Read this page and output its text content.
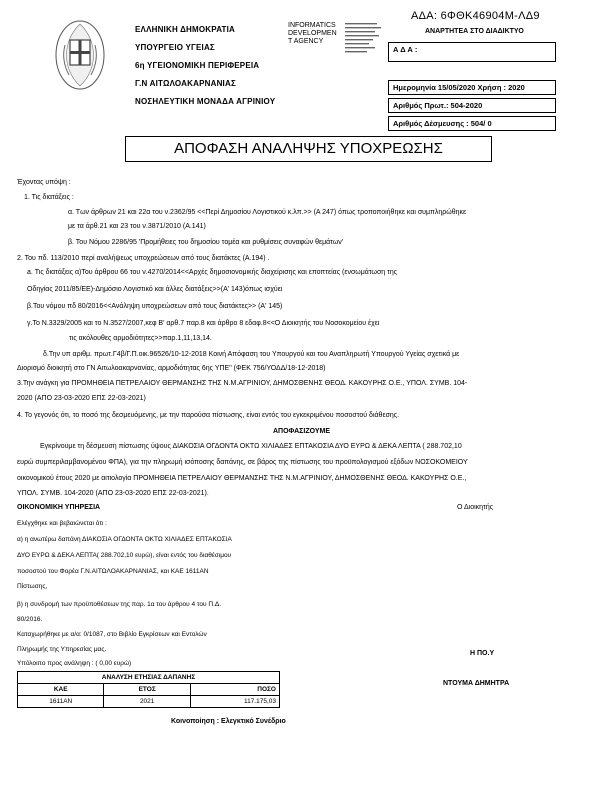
ΕΛΛΗΝΙΚΗ ΔΗΜΟΚΡΑΤΙΑ
ΥΠΟΥΡΓΕΙΟ ΥΓΕΙΑΣ
6η ΥΓΕΙΟΝΟΜΙΚΗ ΠΕΡΙΦΕΡΕΙΑ
Γ.Ν ΑΙΤΩΛΟΑΚΑΡΝΑΝΙΑΣ
ΝΟΣΗΛΕΥΤΙΚΗ ΜΟΝΑΔΑ ΑΓΡΙΝΙΟΥ
INFORMATICS
DEVELOPMEN
T AGENCY
ΑΔΑ: 6ΦΘΚ46904Μ-ΛΔ9
ΑΝΑΡΤΗΤΕΑ ΣΤΟ ΔΙΑΔΙΚΤΥΟ
Α Δ Α :
Ημερομηνία 15/05/2020 Χρήση : 2020
Αριθμός Πρωτ.: 504-2020
Αριθμός Δέσμευσης : 504/ 0
ΑΠΟΦΑΣΗ ΑΝΑΛΗΨΗΣ ΥΠΟΧΡΕΩΣΗΣ
Έχοντας υπόψη :
1. Τις διατάξεις :
α. Των άρθρων 21 και 22α του ν.2362/95 <<Περί Δημοσίου Λογιστικού κ.λπ.>> (Α 247) όπως τροποποιήθηκε και συμπληρώθηκε
με τα άρθ.21 και 23 του ν.3871/2010 (Α.141)
β. Του Νόμου 2286/95 'Προμήθειες του δημοσίου τομέα και ρυθμίσεις συναφών θεμάτων'
2. Του πδ. 113/2010 περί αναλήψεως υποχρεώσεων από τους διατάκτες (Α.194) .
a. Τις διατάξεις α)Του άρθρου 66 του ν.4270/2014<<Αρχές δημοσιονομικής διαχείρισης και εποπτείας (ενσωμάτωση της
Οδηγίας 2011/85/ΕΕ)-Δημόσιο Λογιστικό και άλλες διατάξεις>>(Α' 143)όπως ισχύει
β.Του νόμου πδ 80/2016<<Ανάληψη υποχρεώσεων από τους διατάκτες>> (Α' 145)
γ.Το Ν.3329/2005 και το Ν.3527/2007,κεφ Β' αρθ.7 παρ.8 και άρθρο 8 εδαφ.8<<Ο Διοικητής του Νοσοκομείου έχει
τις ακόλουθες αρμοδιότητες>>παρ.1,11,13,14.
δ.Την υπ αριθμ. πρωτ.Γ4β/Γ.Π.οικ.96526/10-12-2018 Κοινή Απόφαση του Υπουργού και του Αναπληρωτή Υπουργού Υγείας σχετικά με
Διορισμό διοικητή στο ΓΝ Αιτωλοακαρνανίας, αρμοδιότητας 6ης ΥΠΕ" (ΦΕΚ 756/ΥΟΔΔ/18-12-2018)
3.Την ανάγκη για ΠΡΟΜΗΘΕΙΑ ΠΕΤΡΕΛΑΙΟΥ ΘΕΡΜΑΝΣΗΣ ΤΗΣ Ν.Μ.ΑΓΡΙΝΙΟΥ, ΔΗΜΟΣΘΕΝΗΣ ΘΕΟΔ. ΚΑΚΟΥΡΗΣ Ο.Ε., ΥΠΟΛ. ΣΥΜΒ. 104-
2020 (ΑΠΟ 23-03-2020 ΕΠΣ 22-03-2021)
4. Το γεγονός ότι, το ποσό της δεσμευόμενης, με την παρούσα πίστωσης, είναι εντός του εγκεκριμένου ποσοστού διάθεσης.
ΑΠΟΦΑΣΙΖΟΥΜΕ
Εγκρίνουμε τη δέσμευση πίστωσης ύψους ΔΙΑΚΟΣΙΑ ΟΓΔΟΝΤΑ ΟΚΤΩ ΧΙΛΙΑΔΕΣ ΕΠΤΑΚΟΣΙΑ ΔΥΟ ΕΥΡΩ & ΔΕΚΑ ΛΕΠΤΑ ( 288.702,10
ευρώ συμπεριλαμβανομένου ΦΠΑ), για την πληρωμή ισόποσης δαπάνης, σε βάρος της πίστωσης του προϋπολογισμού εξόδων ΝΟΣΟΚΟΜΕΙΟΥ
οικονομικού έτους 2020 με αιτιολογία ΠΡΟΜΗΘΕΙΑ ΠΕΤΡΕΛΑΙΟΥ ΘΕΡΜΑΝΣΗΣ ΤΗΣ Ν.Μ.ΑΓΡΙΝΙΟΥ, ΔΗΜΟΣΘΕΝΗΣ ΘΕΟΔ. ΚΑΚΟΥΡΗΣ Ο.Ε.,
ΥΠΟΛ. ΣΥΜΒ. 104-2020 (ΑΠΟ 23-03-2020 ΕΠΣ 22-03-2021).
ΟΙΚΟΝΟΜΙΚΗ ΥΠΗΡΕΣΙΑ
Ελέγχθηκε και βεβαιώνεται ότι :
α) η ανωτέρω δαπάνη ΔΙΑΚΟΣΙΑ ΟΓΔΟΝΤΑ ΟΚΤΩ ΧΙΛΙΑΔΕΣ ΕΠΤΑΚΟΣΙΑ
ΔΥΟ ΕΥΡΩ & ΔΕΚΑ ΛΕΠΤΑ( 288.702,10 ευρώ), είναι εντός του διαθέσιμου
ποσοστού του Φορέα Γ.Ν.ΑΙΤΩΛΟΑΚΑΡΝΑΝΙΑΣ, και ΚΑΕ 1611ΑΝ
Πίστωσης,
β) η συνδρομή των προϋποθέσεων της παρ. 1α του άρθρου 4 του Π.Δ.
80/2016.
Καταχωρήθηκε με α/α: 0/1087, στο Βιβλίο Εγκρίσεων και Εντολών
Πληρωμής της Υπηρεσίας μας.
Υπόλοιπο προς ανάληψη : ( 0,00 ευρώ)
ΑΝΑΛΥΣΗ ΕΤΗΣΙΑΣ ΔΑΠΑΝΗΣ		
ΚΑΕ	ΕΤΟΣ	ΠΟΣΟ
1611ΑΝ	2021	117.175,03
Ο Διοικητής
Η ΠΟ.Υ
ΝΤΟΥΜΑ ΔΗΜΗΤΡΑ
Κοινοποίηση : Ελεγκτικό Συνέδριο
